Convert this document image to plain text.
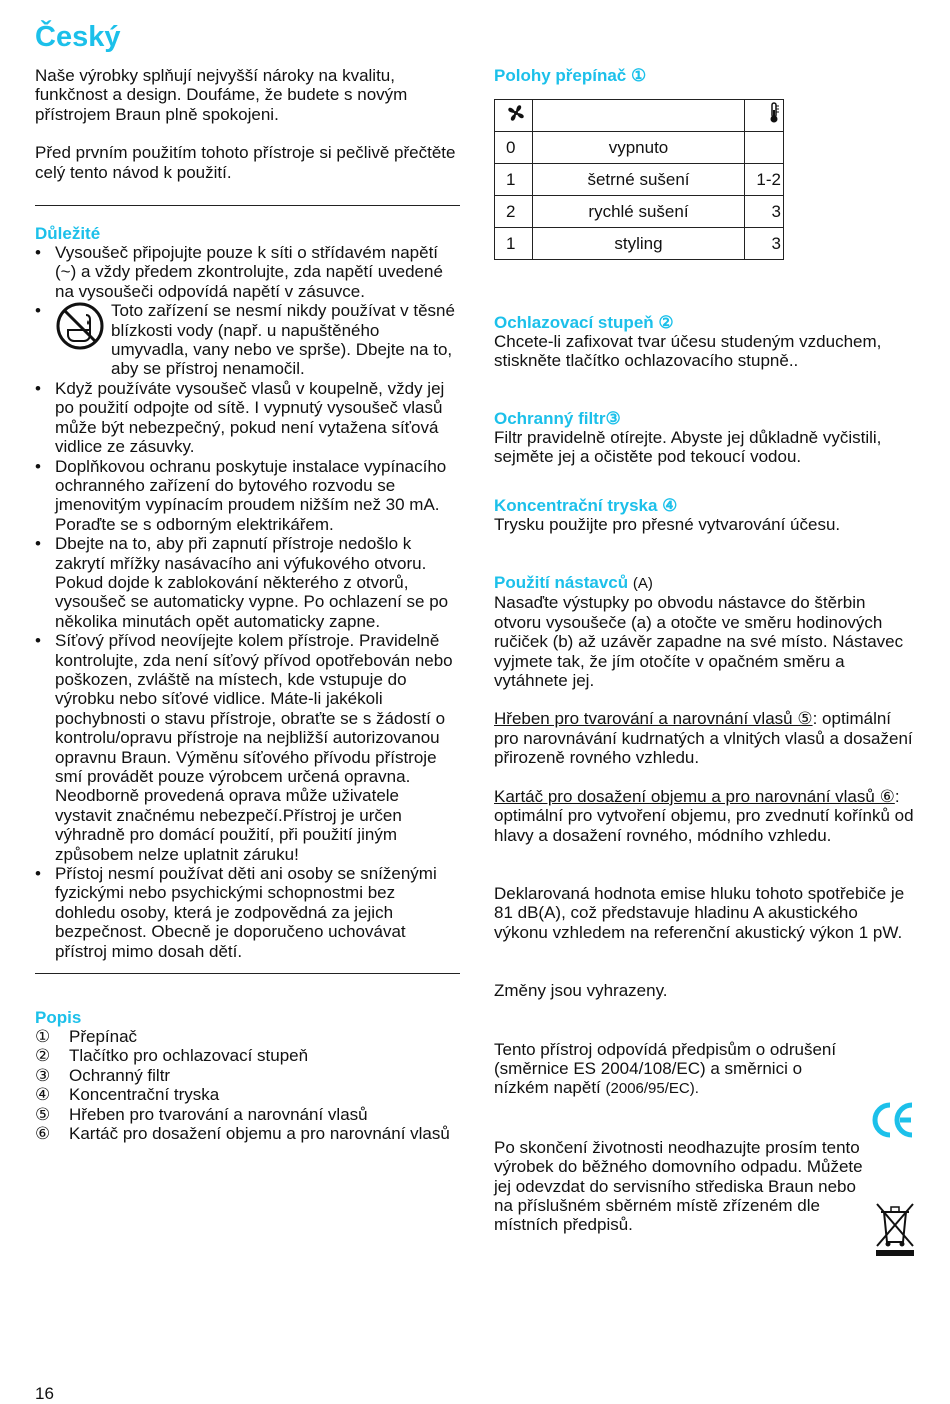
Český

Naše výrobky splňují nejvyšší nároky na kvalitu, funkčnost a design. Doufáme, že budete s novým přístrojem Braun plně spokojeni.

Před prvním použitím tohoto přístroje si pečlivě přečtěte celý tento návod k použití.

Důležité
• Vysoušeč připojujte pouze k síti o střídavém napětí (~) a vždy předem zkontrolujte, zda napětí uvedené na vysoušeči odpovídá napětí v zásuvce.
•	Toto zařízení se nesmí nikdy používat v těsné blízkosti vody (např. u napuštěného umyvadla, vany nebo ve sprše). Dbejte na to, aby se přístroj nenamočil.
• Když používáte vysoušeč vlasů v koupelně, vždy jej po použití odpojte od sítě. I vypnutý vysoušeč vlasů může být nebezpečný, pokud není vytažena síťová vidlice ze zásuvky.
• Doplňkovou ochranu poskytuje instalace vypínacího ochranného zařízení do bytového rozvodu se jmenovitým vypínacím proudem nižším než 30 mA. Poraďte se s odborným elektrikářem.
• Dbejte na to, aby při zapnutí přístroje nedošlo k zakrytí mřížky nasávacího ani výfukového otvoru. Pokud dojde k zablokování některého z otvorů, vysoušeč se automaticky vypne. Po ochlazení se po několika minutách opět automaticky zapne.
• Síťový přívod neovíjejte kolem přístroje. Pravidelně kontrolujte, zda není síťový přívod opotřebován nebo poškozen, zvláště na místech, kde vstupuje do výrobku nebo síťové vidlice. Máte-li jakékoli pochybnosti o stavu přístroje, obraťte se s žádostí o kontrolu/opravu přístroje na nejbližší autorizovanou opravnu Braun. Výměnu síťového přívodu přístroje smí provádět pouze výrobcem určená opravna. Neodborně provedená oprava může uživatele vystavit značnému nebezpečí.Přístroj je určen výhradně pro domácí použití, při použití jiným způsobem nelze uplatnit záruku!
• Přístoj nesmí používat děti ani osoby se sníženými fyzickými nebo psychickými schopnostmi bez dohledu osoby, která je zodpovědná za jejich bezpečnost. Obecně je doporučeno uchovávat přístroj mimo dosah dětí.
Popis
①	Přepínač
②	Tlačítko pro ochlazovací stupeň
③	Ochranný filtr
④	Koncentrační tryska
⑤	Hřeben pro tvarování a narovnání vlasů
⑥	Kartáč pro dosažení objemu a pro narovnání vlasů
Polohy přepínač ①

0	vypnuto	
1	šetrné sušení	1-2
2	rychlé sušení	3
1	styling	3
Ochlazovací stupeň ②

Chcete-li zafixovat tvar účesu studeným vzduchem, stiskněte tlačítko ochlazovacího stupně..

Ochranný filtr③

Filtr pravidelně otírejte. Abyste jej důkladně vyčistili, sejměte jej a očistěte pod tekoucí vodou.

Koncentrační tryska ④

Trysku použijte pro přesné vytvarování účesu.

Použití nástavců (A)

Nasaďte výstupky po obvodu nástavce do štěrbin otvoru vysoušeče (a) a otočte ve směru hodinových ručiček (b) až uzávěr zapadne na své místo. Nástavec vyjmete tak, že jím otočíte v opačném směru a vytáhnete jej.

Hřeben pro tvarování a narovnání vlasů ⑤: optimální pro narovnávání kudrnatých a vlnitých vlasů a dosažení přirozeně rovného vzhledu.

Kartáč pro dosažení objemu a pro narovnání vlasů ⑥: optimální pro vytvoření objemu, pro zvednutí kořínků od hlavy a dosažení rovného, módního vzhledu.

Deklarovaná hodnota emise hluku tohoto spotřebiče je 81 dB(A), což představuje hladinu A akustického výkonu vzhledem na referenční akustický výkon 1 pW.

Změny jsou vyhrazeny.

Tento přístroj odpovídá předpisům o odrušení (směrnice ES 2004/108/EC) a směrnici o nízkém napětí (2006/95/EC).

Po skončení životnosti neodhazujte prosím tento výrobek do běžného domovního odpadu. Můžete jej odevzdat do servisního střediska Braun nebo na příslušném sběrném místě zřízeném dle místních předpisů.

16
